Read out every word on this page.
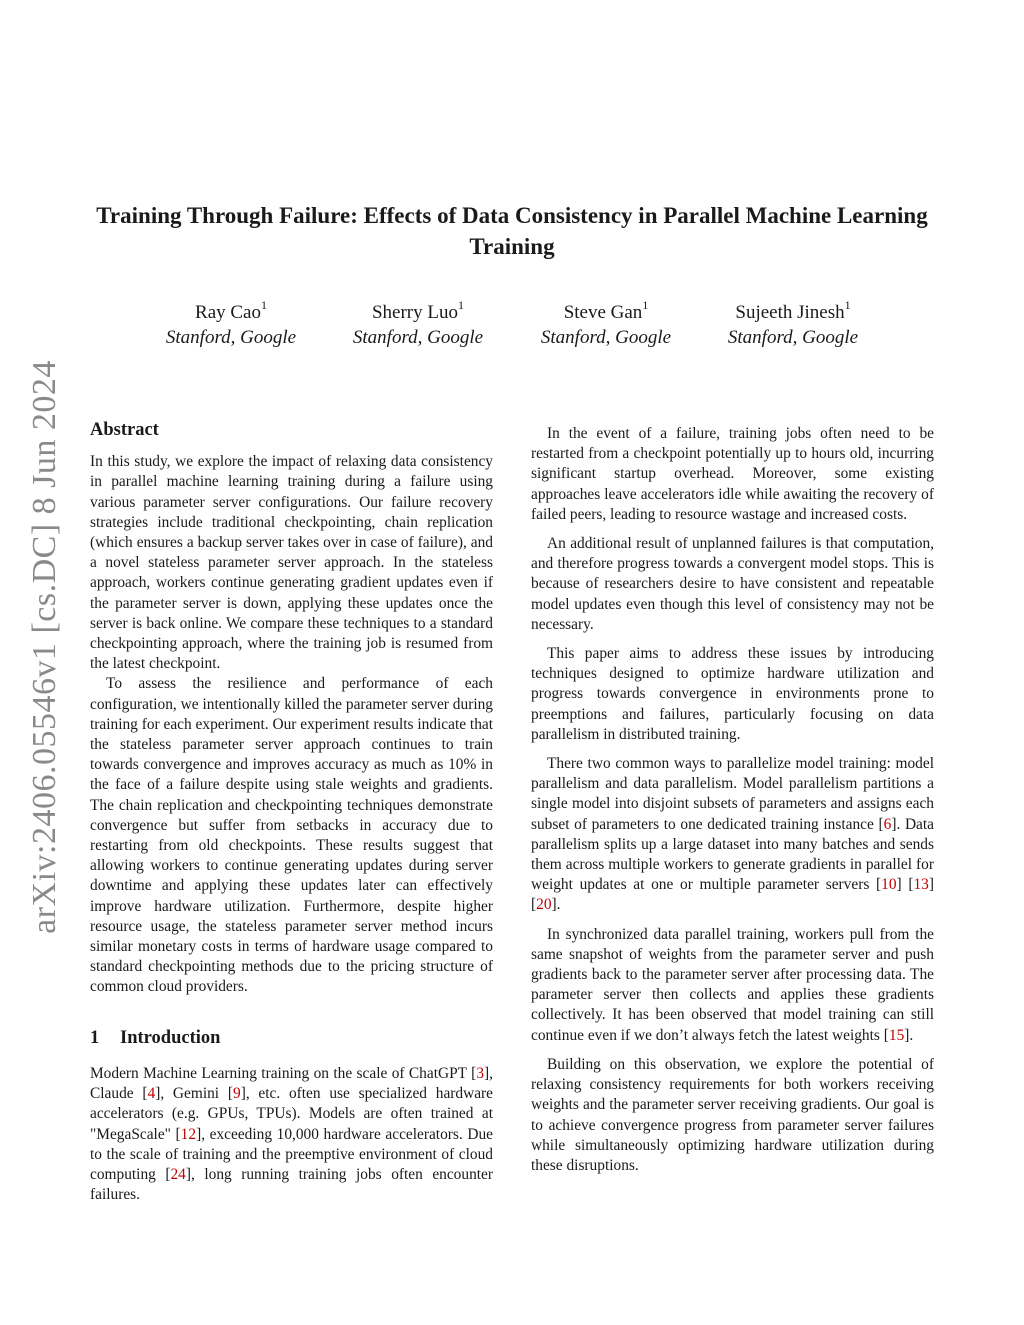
arXiv:2406.05546v1 [cs.DC] 8 Jun 2024
Training Through Failure: Effects of Data Consistency in Parallel Machine Learning Training
Ray Cao$^1$
Stanford, Google
Sherry Luo$^1$
Stanford, Google
Steve Gan$^1$
Stanford, Google
Sujeeth Jinesh$^1$
Stanford, Google
Abstract

In this study, we explore the impact of relaxing data consistency in parallel machine learning training during a failure using various parameter server configurations. Our failure recovery strategies include traditional checkpointing, chain replication (which ensures a backup server takes over in case of failure), and a novel stateless parameter server approach. In the stateless approach, workers continue generating gradient updates even if the parameter server is down, applying these updates once the server is back online. We compare these techniques to a standard checkpointing approach, where the training job is resumed from the latest checkpoint.

To assess the resilience and performance of each configuration, we intentionally killed the parameter server during training for each experiment. Our experiment results indicate that the stateless parameter server approach continues to train towards convergence and improves accuracy as much as 10% in the face of a failure despite using stale weights and gradients. The chain replication and checkpointing techniques demonstrate convergence but suffer from setbacks in accuracy due to restarting from old checkpoints. These results suggest that allowing workers to continue generating updates during server downtime and applying these updates later can effectively improve hardware utilization. Furthermore, despite higher resource usage, the stateless parameter server method incurs similar monetary costs in terms of hardware usage compared to standard checkpointing methods due to the pricing structure of common cloud providers.

1 Introduction

Modern Machine Learning training on the scale of ChatGPT [3], Claude [4], Gemini [9], etc. often use specialized hardware accelerators (e.g. GPUs, TPUs). Models are often trained at "MegaScale" [12], exceeding 10,000 hardware accelerators. Due to the scale of training and the preemptive environment of cloud computing [24], long running training jobs often encounter failures.

In the event of a failure, training jobs often need to be restarted from a checkpoint potentially up to hours old, incurring significant startup overhead. Moreover, some existing approaches leave accelerators idle while awaiting the recovery of failed peers, leading to resource wastage and increased costs.

An additional result of unplanned failures is that computation, and therefore progress towards a convergent model stops. This is because of researchers desire to have consistent and repeatable model updates even though this level of consistency may not be necessary.

This paper aims to address these issues by introducing techniques designed to optimize hardware utilization and progress towards convergence in environments prone to preemptions and failures, particularly focusing on data parallelism in distributed training.

There two common ways to parallelize model training: model parallelism and data parallelism. Model parallelism partitions a single model into disjoint subsets of parameters and assigns each subset of parameters to one dedicated training instance [6]. Data parallelism splits up a large dataset into many batches and sends them across multiple workers to generate gradients in parallel for weight updates at one or multiple parameter servers [10] [13] [20].

In synchronized data parallel training, workers pull from the same snapshot of weights from the parameter server and push gradients back to the parameter server after processing data. The parameter server then collects and applies these gradients collectively. It has been observed that model training can still continue even if we don’t always fetch the latest weights [15].

Building on this observation, we explore the potential of relaxing consistency requirements for both workers receiving weights and the parameter server receiving gradients. Our goal is to achieve convergence progress from parameter server failures while simultaneously optimizing hardware utilization during these disruptions.
